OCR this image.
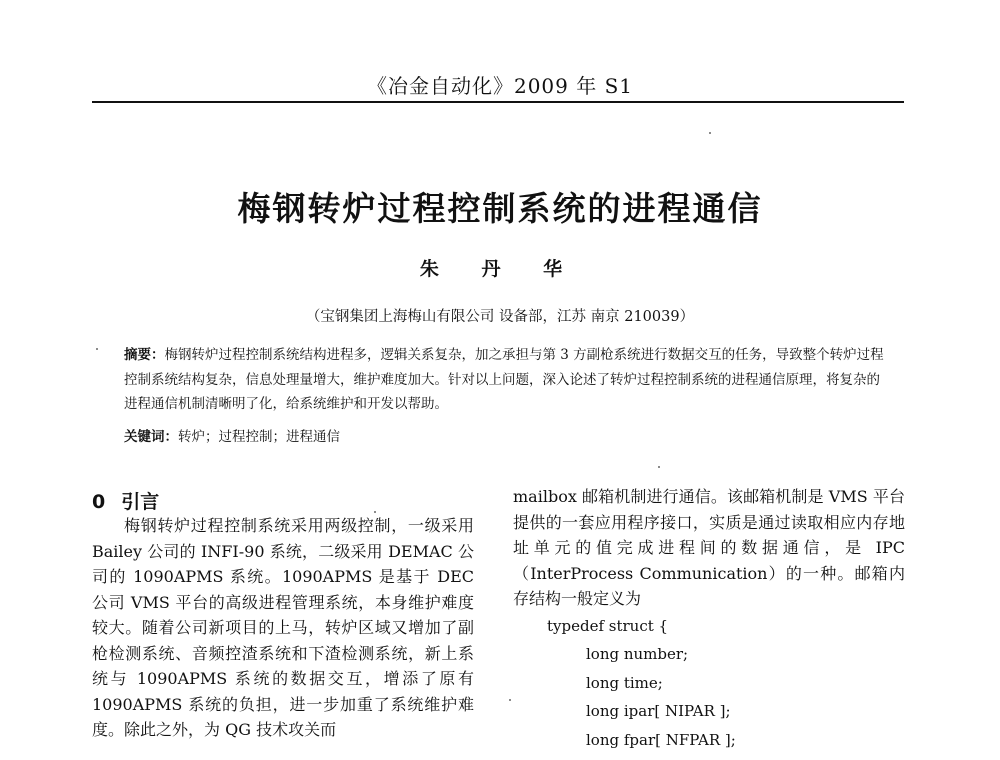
《冶金自动化》2009 年 S1
梅钢转炉过程控制系统的进程通信
朱 丹 华
（宝钢集团上海梅山有限公司 设备部，江苏 南京 210039）
摘要：梅钢转炉过程控制系统结构进程多，逻辑关系复杂，加之承担与第 3 方副枪系统进行数据交互的任务，导致整个转炉过程控制系统结构复杂，信息处理量增大，维护难度加大。针对以上问题，深入论述了转炉过程控制系统的进程通信原理，将复杂的进程通信机制清晰明了化，给系统维护和开发以帮助。
关键词：转炉；过程控制；进程通信
0 引言

梅钢转炉过程控制系统采用两级控制，一级采用 Bailey 公司的 INFI-90 系统，二级采用 DEMAC 公司的 1090APMS 系统。1090APMS 是基于 DEC 公司 VMS 平台的高级进程管理系统，本身维护难度较大。随着公司新项目的上马，转炉区域又增加了副枪检测系统、音频控渣系统和下渣检测系统，新上系统与 1090APMS 系统的数据交互，增添了原有 1090APMS 系统的负担，进一步加重了系统维护难度。除此之外，为 QG 技术攻关而

mailbox 邮箱机制进行通信。该邮箱机制是 VMS 平台提供的一套应用程序接口，实质是通过读取相应内存地址单元的值完成进程间的数据通信，是 IPC（InterProcess Communication）的一种。邮箱内存结构一般定义为

typedef struct {
long number;
long time;
long ipar[ NIPAR ];
long fpar[ NFPAR ];
